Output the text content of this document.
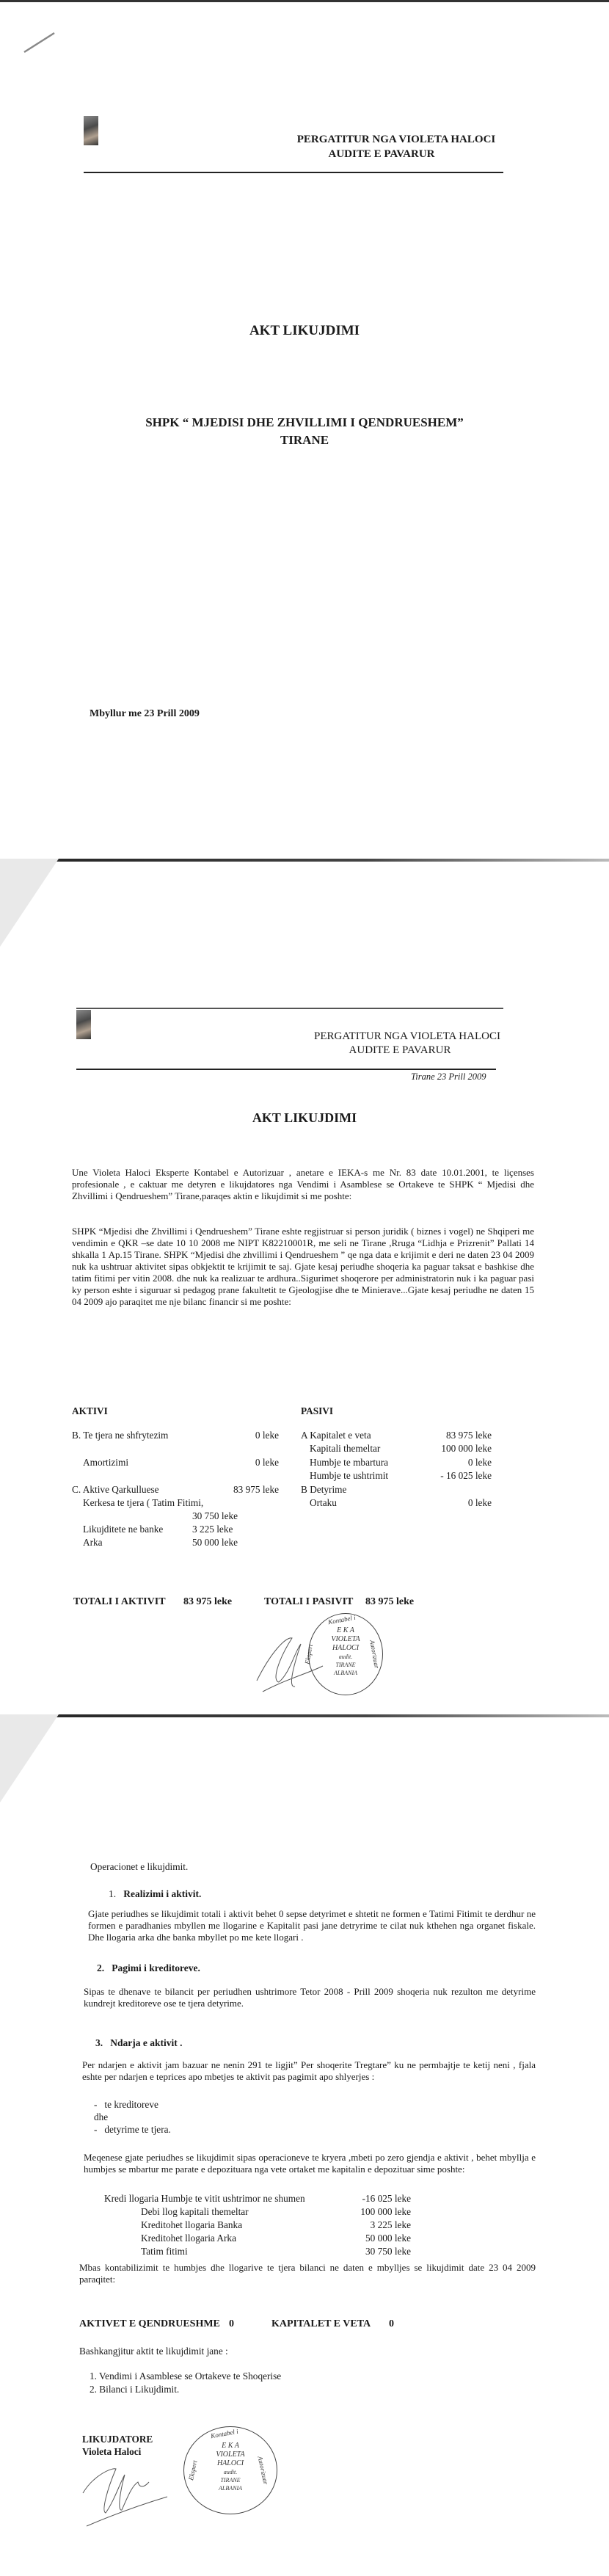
PERGATITUR NGA VIOLETA HALOCI
AUDITE E PAVARUR
AKT LIKUJDIMI
SHPK “ MJEDISI DHE ZHVILLIMI I QENDRUESHEM”
TIRANE
Mbyllur me 23 Prill 2009
PERGATITUR NGA VIOLETA HALOCI
AUDITE E PAVARUR
Tirane 23 Prill 2009
AKT LIKUJDIMI
Une Violeta Haloci Eksperte Kontabel e Autorizuar , anetare e IEKA-s me Nr. 83 date 10.01.2001, te liçenses profesionale , e caktuar me detyren e likujdatores nga Vendimi i Asamblese se Ortakeve te SHPK “ Mjedisi dhe Zhvillimi i Qendrueshem” Tirane,paraqes aktin e likujdimit si me poshte:
SHPK “Mjedisi dhe Zhvillimi i Qendrueshem” Tirane eshte regjistruar si person juridik ( biznes i vogel) ne Shqiperi me vendimin e QKR –se date 10 10 2008 me NIPT K82210001R, me seli ne Tirane ,Rruga “Lidhja e Prizrenit” Pallati 14 shkalla 1 Ap.15 Tirane. SHPK “Mjedisi dhe zhvillimi i Qendrueshem ” qe nga data e krijimit e deri ne daten 23 04 2009 nuk ka ushtruar aktivitet sipas obkjektit te krijimit te saj. Gjate kesaj periudhe shoqeria ka paguar taksat e bashkise dhe tatim fitimi per vitin 2008. dhe nuk ka realizuar te ardhura..Sigurimet shoqerore per administratorin nuk i ka paguar pasi ky person eshte i siguruar si pedagog prane fakultetit te Gjeologjise dhe te Minierave...Gjate kesaj periudhe ne daten 15 04 2009 ajo paraqitet me nje bilanc financir si me poshte:
AKTIVI	PASIVI
B. Te tjera ne shfrytezim	0 leke
Amortizimi	0 leke
C. Aktive Qarkulluese	83 975 leke
Kerkesa te tjera ( Tatim Fitimi,
30 750 leke
Likujditete ne banke	3 225 leke
Arka	50 000 leke
A Kapitalet e veta	83 975 leke
Kapitali themeltar	100 000 leke
Humbje te mbartura	0 leke
Humbje te ushtrimit	- 16 025 leke
B Detyrime
Ortaku	0 leke
TOTALI I AKTIVIT 83 975 leke	TOTALI I PASIVIT 83 975 leke
Kontabel i
Ekspert	Autorizuar
E K A
VIOLETA
HALOCI
audit.
TIRANE
ALBANIA
Operacionet e likujdimit.
1. Realizimi i aktivit.
Gjate periudhes se likujdimit totali i aktivit behet 0 sepse detyrimet e shtetit ne formen e Tatimi Fitimit te derdhur ne formen e paradhanies mbyllen me llogarine e Kapitalit pasi jane detryrime te cilat nuk kthehen nga organet fiskale. Dhe llogaria arka dhe banka mbyllet po me kete llogari .
2. Pagimi i kreditoreve.
Sipas te dhenave te bilancit per periudhen ushtrimore Tetor 2008 - Prill 2009 shoqeria nuk rezulton me detyrime kundrejt kreditoreve ose te tjera detyrime.
3. Ndarja e aktivit .
Per ndarjen e aktivit jam bazuar ne nenin 291 te ligjit” Per shoqerite Tregtare” ku ne permbajtje te ketij neni , fjala eshte per ndarjen e teprices apo mbetjes te aktivit pas pagimit apo shlyerjes :
-   te kreditoreve
dhe
-   detyrime te tjera.
Meqenese gjate periudhes se likujdimit sipas operacioneve te kryera ,mbeti po zero gjendja e aktivit , behet mbyllja e humbjes se mbartur me parate e depozituara nga vete ortaket me kapitalin e depozituar sime poshte:
Kredi llogaria Humbje te vitit ushtrimor ne shumen	-16 025 leke
Debi llog kapitali themeltar	100 000 leke
Kreditohet llogaria Banka	3 225 leke
Kreditohet llogaria Arka	50 000 leke
Tatim fitimi	30 750 leke
Mbas kontabilizimit te humbjes dhe llogarive te tjera bilanci ne daten e mbylljes se likujdimit date 23 04 2009 paraqitet:
AKTIVET E QENDRUESHME 0	KAPITALET E VETA 0
Bashkangjitur aktit te likujdimit jane :
1. Vendimi i Asamblese se Ortakeve te Shoqerise
2. Bilanci i Likujdimit.
LIKUJDATORE
Violeta Haloci
Kontabel i
Ekspert	Autorizuar
E K A
VIOLETA
HALOCI
audit.
TIRANE
ALBANIA
